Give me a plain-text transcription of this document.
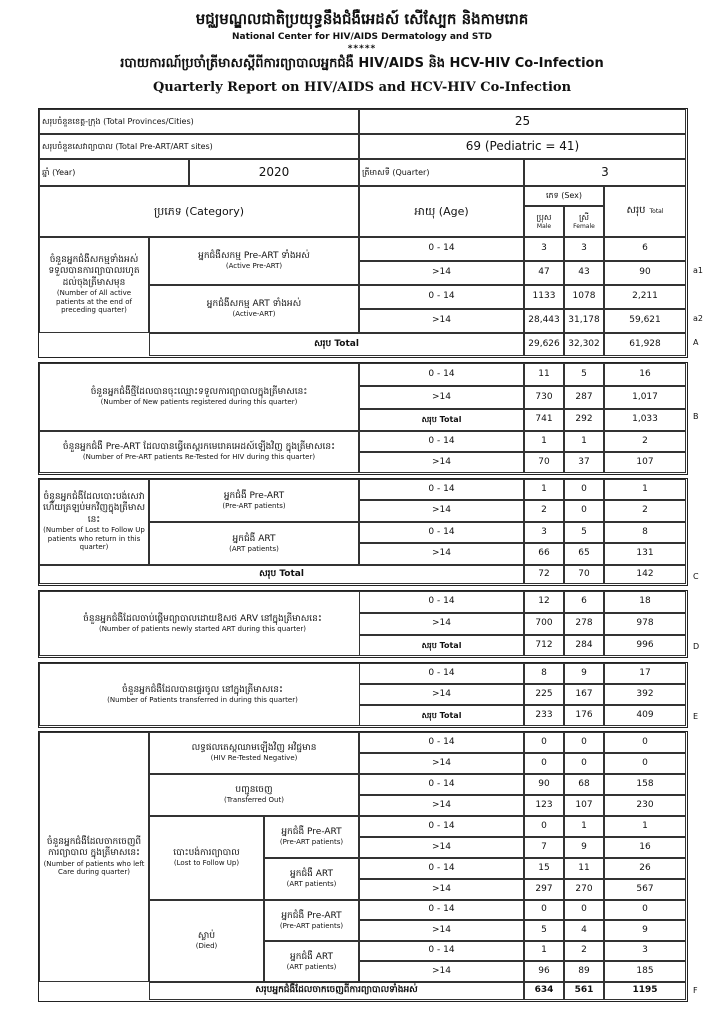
មជ្ឈមណ្ឌលជាតិប្រយុទ្ធនឹងជំងឺអេដស៍ សើស្បែក និងកាមរោគ
National Center for HIV/AIDS Dermatology and STD
*****
របាយការណ៍ប្រចាំត្រីមាសស្តីពីការព្យាបាលអ្នកជំងឺ HIV/AIDS និង HCV-HIV Co-Infection
Quarterly Report on HIV/AIDS and HCV-HIV Co-Infection
សរុបចំនួនខេត្ត-ក្រុង (Total Provinces/Cities)	25
សរុបចំនួនសេវាព្យាបាល (Total Pre-ART/ART sites)	69 (Pediatric = 41)
ឆ្នាំ (Year)	2020	ត្រីមាសទី (Quarter)	3
ប្រភេទ (Category)	អាយុ (Age)
ភេទ (Sex)
ប្រុស
Male
ស្រី
Female
សរុប Total
ចំនួនអ្នកជំងឺសកម្មទាំងអស់ ទទួលបានការព្យាបាលរហូតដល់ចុងត្រីមាសមុន
(Number of All active patients at the end of preceding quarter)
អ្នកជំងឺសកម្ម Pre-ART ទាំងអស់
(Active Pre-ART)
អ្នកជំងឺសកម្ម ART ទាំងអស់
(Active-ART)
0 - 14	3	3	6
>14	47	43	90
0 - 14	1133	1078	2,211
>14	28,443 31,178	59,621
សរុប Total	29,626 32,302	61,928
a1
a2
A
ចំនួនអ្នកជំងឺថ្មីដែលបានចុះឈ្មោះទទួលការព្យាបាលក្នុងត្រីមាសនេះ
(Number of New patients registered during this quarter)
0 - 14	11	5	16
>14	730	287	1,017
សរុប Total	741	292	1,033
ចំនួនអ្នកជំងឺ Pre-ART ដែលបានធ្វើតេស្តរកមេរោគអេដស៍ឡើងវិញ ក្នុងត្រីមាសនេះ
(Number of Pre-ART patients Re-Tested for HIV during this quarter)
0 - 14	1	1	2
>14	70	37	107
B
ចំនួនអ្នកជំងឺដែលបោះបង់សេវា ហើយត្រឡប់មកវិញក្នុងត្រីមាសនេះ
(Number of Lost to Follow Up patients who return in this quarter)
អ្នកជំងឺ Pre-ART
(Pre-ART patients)
អ្នកជំងឺ ART
(ART patients)
0 - 14	1	0	1
>14	2	0	2
0 - 14	3	5	8
>14	66	65	131
សរុប Total	72	70	142	C
ចំនួនអ្នកជំងឺដែលចាប់ផ្តើមព្យាបាលដោយឱសថ ARV នៅក្នុងត្រីមាសនេះ
(Number of patients newly started ART during this quarter)
0 - 14	12	6	18
>14	700	278	978
សរុប Total	712	284	996	D
ចំនួនអ្នកជំងឺដែលបានផ្ទេរចូល នៅក្នុងត្រីមាសនេះ
(Number of Patients transferred in during this quarter)
0 - 14	8	9	17
>14	225	167	392
សរុប Total	233	176	409	E
ចំនួនអ្នកជំងឺដែលចាកចេញពីការព្យាបាល ក្នុងត្រីមាសនេះ
(Number of patients who left Care during quarter)
លទ្ធផលតេស្តឈាមឡើងវិញ អវិជ្ជមាន
(HIV Re-Tested Negative)
បញ្ជូនចេញ
(Transferred Out)
បោះបង់ការព្យាបាល
(Lost to Follow Up)
អ្នកជំងឺ Pre-ART
(Pre-ART patients)
អ្នកជំងឺ ART
(ART patients)
ស្លាប់
(Died)
អ្នកជំងឺ Pre-ART
(Pre-ART patients)
អ្នកជំងឺ ART
(ART patients)
0 - 14	0	0	0
>14	0	0	0
0 - 14	90	68	158
>14	123	107	230
0 - 14	0	1	1
>14	7	9	16
0 - 14	15	11	26
>14	297	270	567
0 - 14	0	0	0
>14	5	4	9
0 - 14	1	2	3
>14	96	89	185
សរុបអ្នកជំងឺដែលចាកចេញពីការព្យាបាលទាំងអស់	634	561	1195	F
